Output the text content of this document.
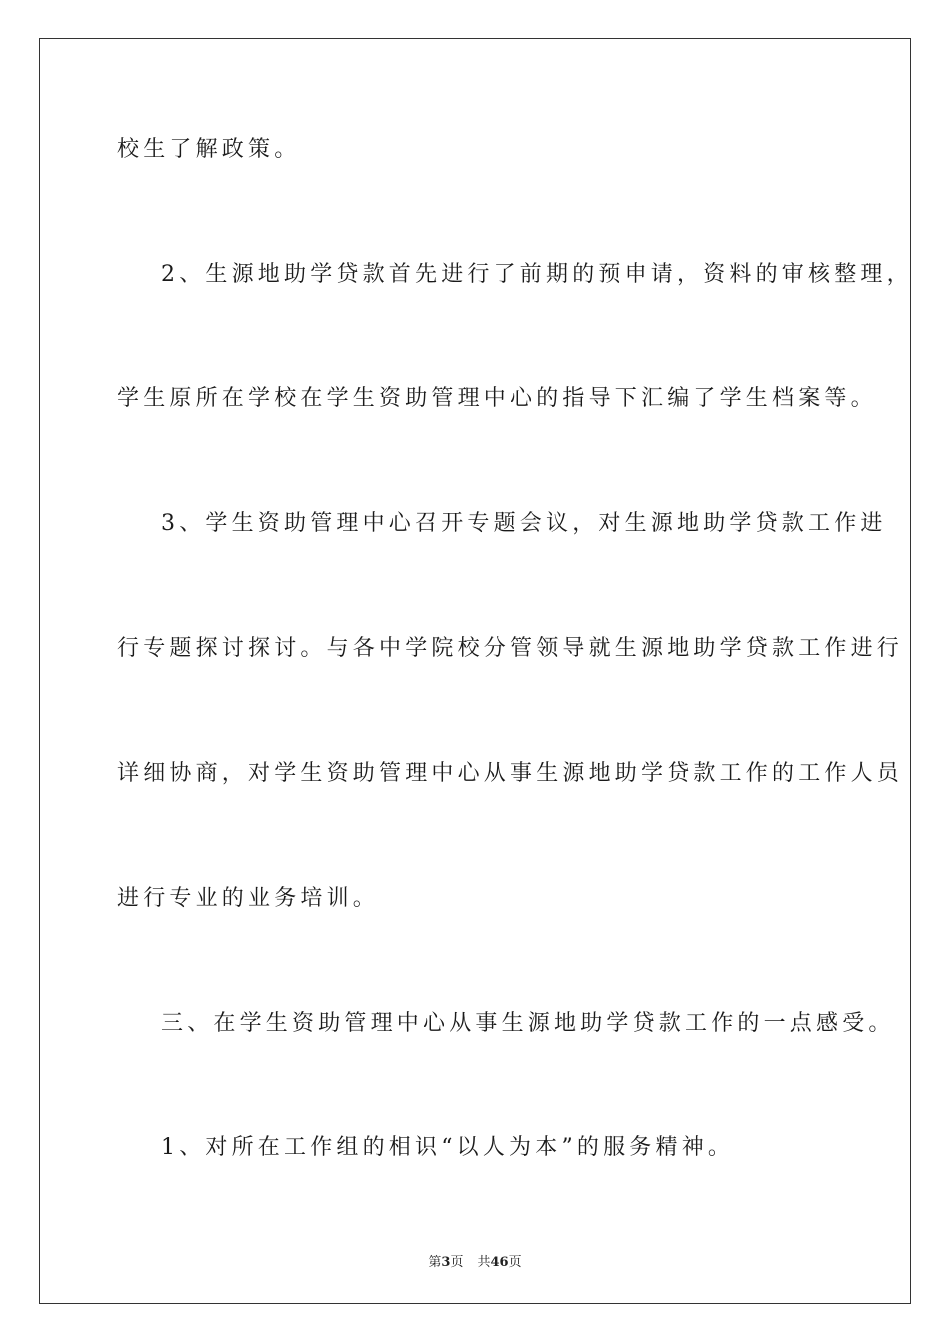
校生了解政策。
2、生源地助学贷款首先进行了前期的预申请，资料的审核整理，
学生原所在学校在学生资助管理中心的指导下汇编了学生档案等。
3、学生资助管理中心召开专题会议，对生源地助学贷款工作进
行专题探讨探讨。与各中学院校分管领导就生源地助学贷款工作进行
详细协商，对学生资助管理中心从事生源地助学贷款工作的工作人员
进行专业的业务培训。
三、在学生资助管理中心从事生源地助学贷款工作的一点感受。
1、对所在工作组的相识“以人为本”的服务精神。
第3页 共46页
